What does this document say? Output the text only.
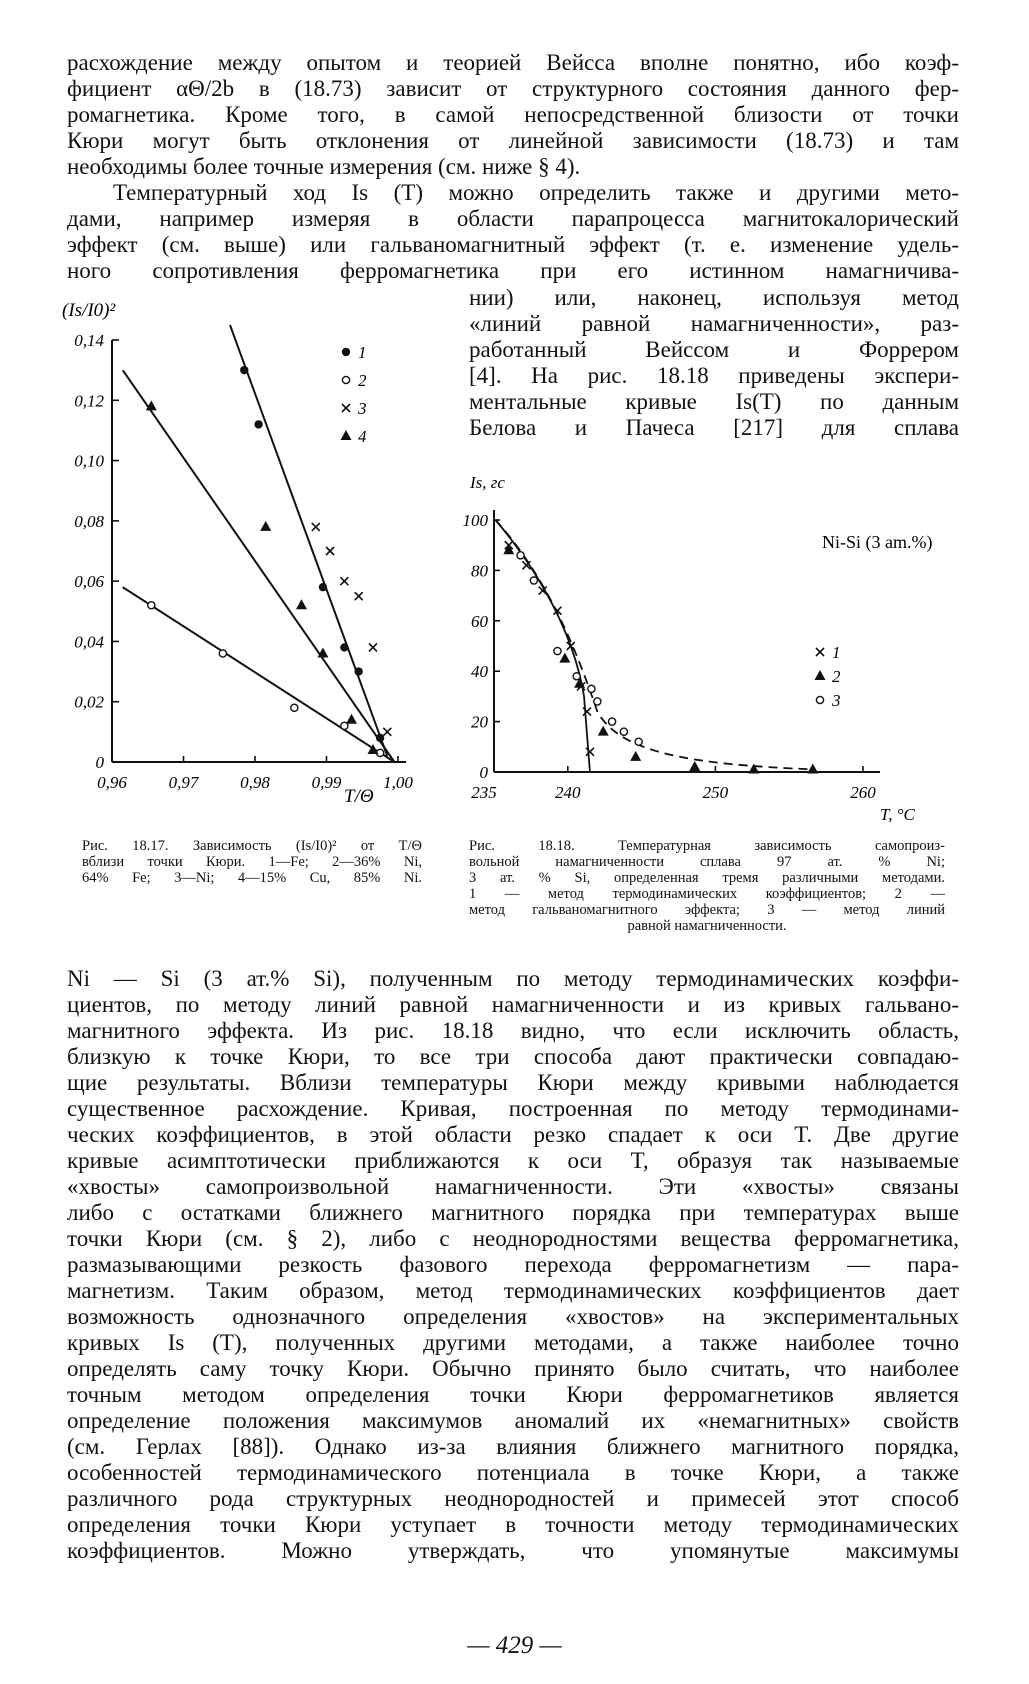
расхождение между опытом и теорией Вейсса вполне понятно, ибо коэф-
фициент αΘ/2b в (18.73) зависит от структурного состояния данного фер-
ромагнетика. Кроме того, в самой непосредственной близости от точки
Кюри могут быть отклонения от линейной зависимости (18.73) и там
необходимы более точные измерения (см. ниже § 4).
Температурный ход Is (T) можно определить также и другими мето-
дами, например измеряя в области парапроцесса магнитокалорический
эффект (см. выше) или гальваномагнитный эффект (т. е. изменение удель-
ного сопротивления ферромагнетика при его истинном намагничива-
нии) или, наконец, используя метод
«линий равной намагниченности», раз-
работанный Вейссом и Форрером
[4]. На рис. 18.18 приведены экспери-
ментальные кривые Is(T) по данным
Белова и Пачеса [217] для сплава
0
0,02
0,04
0,06
0,08
0,10
0,12
0,14
0,96 0,97 0,98 0,99 1,00
1
2
3
4
(Is/I0)²
T/Θ
Рис. 18.17. Зависимость (Is/I0)² от T/Θ
вблизи точки Кюри. 1—Fe; 2—36% Ni,
64% Fe; 3—Ni; 4—15% Cu, 85% Ni.
0
20
40
60
80
100
235	240	250	260
1
2
3
Is, гс
T, °C
Ni-Si (3 am.%)
Рис. 18.18. Температурная зависимость самопроиз-
вольной намагниченности сплава 97 ат. % Ni;
3 ат. % Si, определенная тремя различными методами.
1 — метод термодинамических коэффициентов; 2 —
метод гальваномагнитного эффекта; 3 — метод линий
равной намагниченности.
Ni — Si (3 ат.% Si), полученным по методу термодинамических коэффи-
циентов, по методу линий равной намагниченности и из кривых гальвано-
магнитного эффекта. Из рис. 18.18 видно, что если исключить область,
близкую к точке Кюри, то все три способа дают практически совпадаю-
щие результаты. Вблизи температуры Кюри между кривыми наблюдается
существенное расхождение. Кривая, построенная по методу термодинами-
ческих коэффициентов, в этой области резко спадает к оси T. Две другие
кривые асимптотически приближаются к оси T, образуя так называемые
«хвосты» самопроизвольной намагниченности. Эти «хвосты» связаны
либо с остатками ближнего магнитного порядка при температурах выше
точки Кюри (см. § 2), либо с неоднородностями вещества ферромагнетика,
размазывающими резкость фазового перехода ферромагнетизм — пара-
магнетизм. Таким образом, метод термодинамических коэффициентов дает
возможность однозначного определения «хвостов» на экспериментальных
кривых Is (T), полученных другими методами, а также наиболее точно
определять саму точку Кюри. Обычно принято было считать, что наиболее
точным методом определения точки Кюри ферромагнетиков является
определение положения максимумов аномалий их «немагнитных» свойств
(см. Герлах [88]). Однако из-за влияния ближнего магнитного порядка,
особенностей термодинамического потенциала в точке Кюри, а также
различного рода структурных неоднородностей и примесей этот способ
определения точки Кюри уступает в точности методу термодинамических
коэффициентов. Можно утверждать, что упомянутые максимумы
— 429 —
